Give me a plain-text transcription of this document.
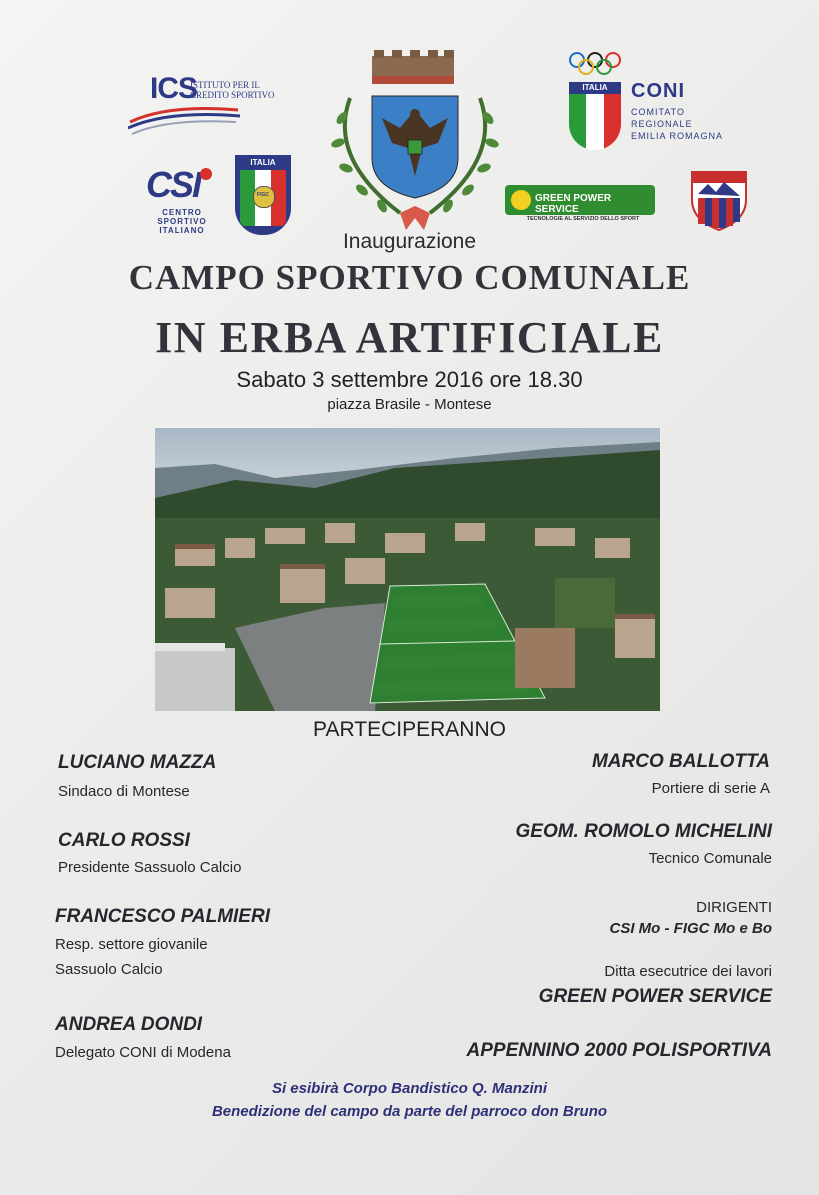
ICS
ISTITUTO PER IL CREDITO SPORTIVO
ITALIA	CONI
COMITATO
REGIONALE
EMILIA ROMAGNA
CSI
CENTRO
SPORTIVO
ITALIANO
ITALIA
FIGC	GREEN POWER SERVICE
TECNOLOGIE AL SERVIZIO DELLO SPORT
Inaugurazione
CAMPO SPORTIVO COMUNALE
IN ERBA ARTIFICIALE
Sabato 3 settembre 2016 ore 18.30
piazza Brasile - Montese
PARTECIPERANNO
LUCIANO MAZZA
Sindaco di Montese
CARLO ROSSI
Presidente Sassuolo Calcio
FRANCESCO PALMIERI
Resp. settore giovanile
Sassuolo Calcio
ANDREA DONDI
Delegato CONI di Modena
MARCO BALLOTTA
Portiere di serie A
GEOM. ROMOLO MICHELINI
Tecnico Comunale
DIRIGENTI
CSI Mo - FIGC Mo e Bo
Ditta esecutrice dei lavori
GREEN POWER SERVICE
APPENNINO 2000 POLISPORTIVA
Si esibirà Corpo Bandistico Q. Manzini
Benedizione del campo da parte del parroco don Bruno
